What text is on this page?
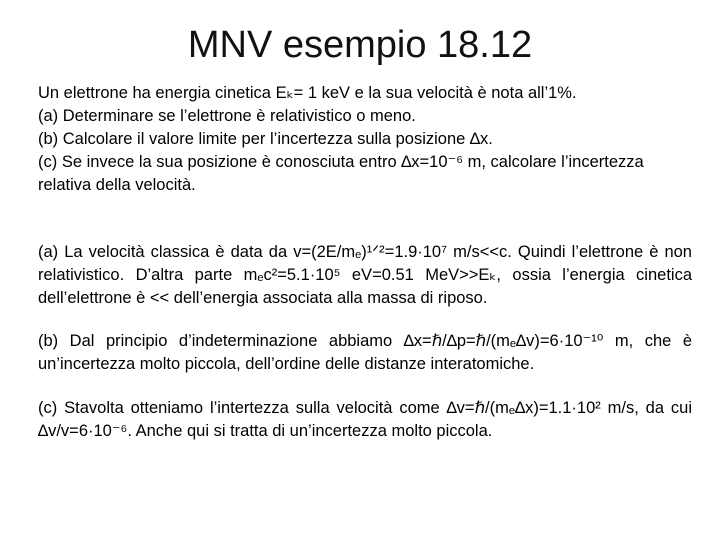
MNV esempio 18.12

Un elettrone ha energia cinetica Eₖ= 1 keV e la sua velocità è nota all’1%.

(a) Determinare se l’elettrone è relativistico o meno.

(b) Calcolare il valore limite per l’incertezza sulla posizione ∆x.

(c) Se invece la sua posizione è conosciuta entro ∆x=10⁻⁶ m, calcolare l’incertezza relativa della velocità.

(a) La velocità classica è data da v=(2E/mₑ)¹ᐟ²=1.9·10⁷ m/s<<c. Quindi l’elettrone è non relativistico. D’altra parte mₑc²=5.1·10⁵ eV=0.51 MeV>>Eₖ, ossia l’energia cinetica dell’elettrone è << dell’energia associata alla massa di riposo.

(b) Dal principio d’indeterminazione abbiamo ∆x=ℏ/∆p=ℏ/(mₑ∆v)=6·10⁻¹⁰ m, che è un’incertezza molto piccola, dell’ordine delle distanze interatomiche.

(c) Stavolta otteniamo l’intertezza sulla velocità come ∆v=ℏ/(mₑ∆x)=1.1·10² m/s, da cui ∆v/v=6·10⁻⁶. Anche qui si tratta di un’incertezza molto piccola.
